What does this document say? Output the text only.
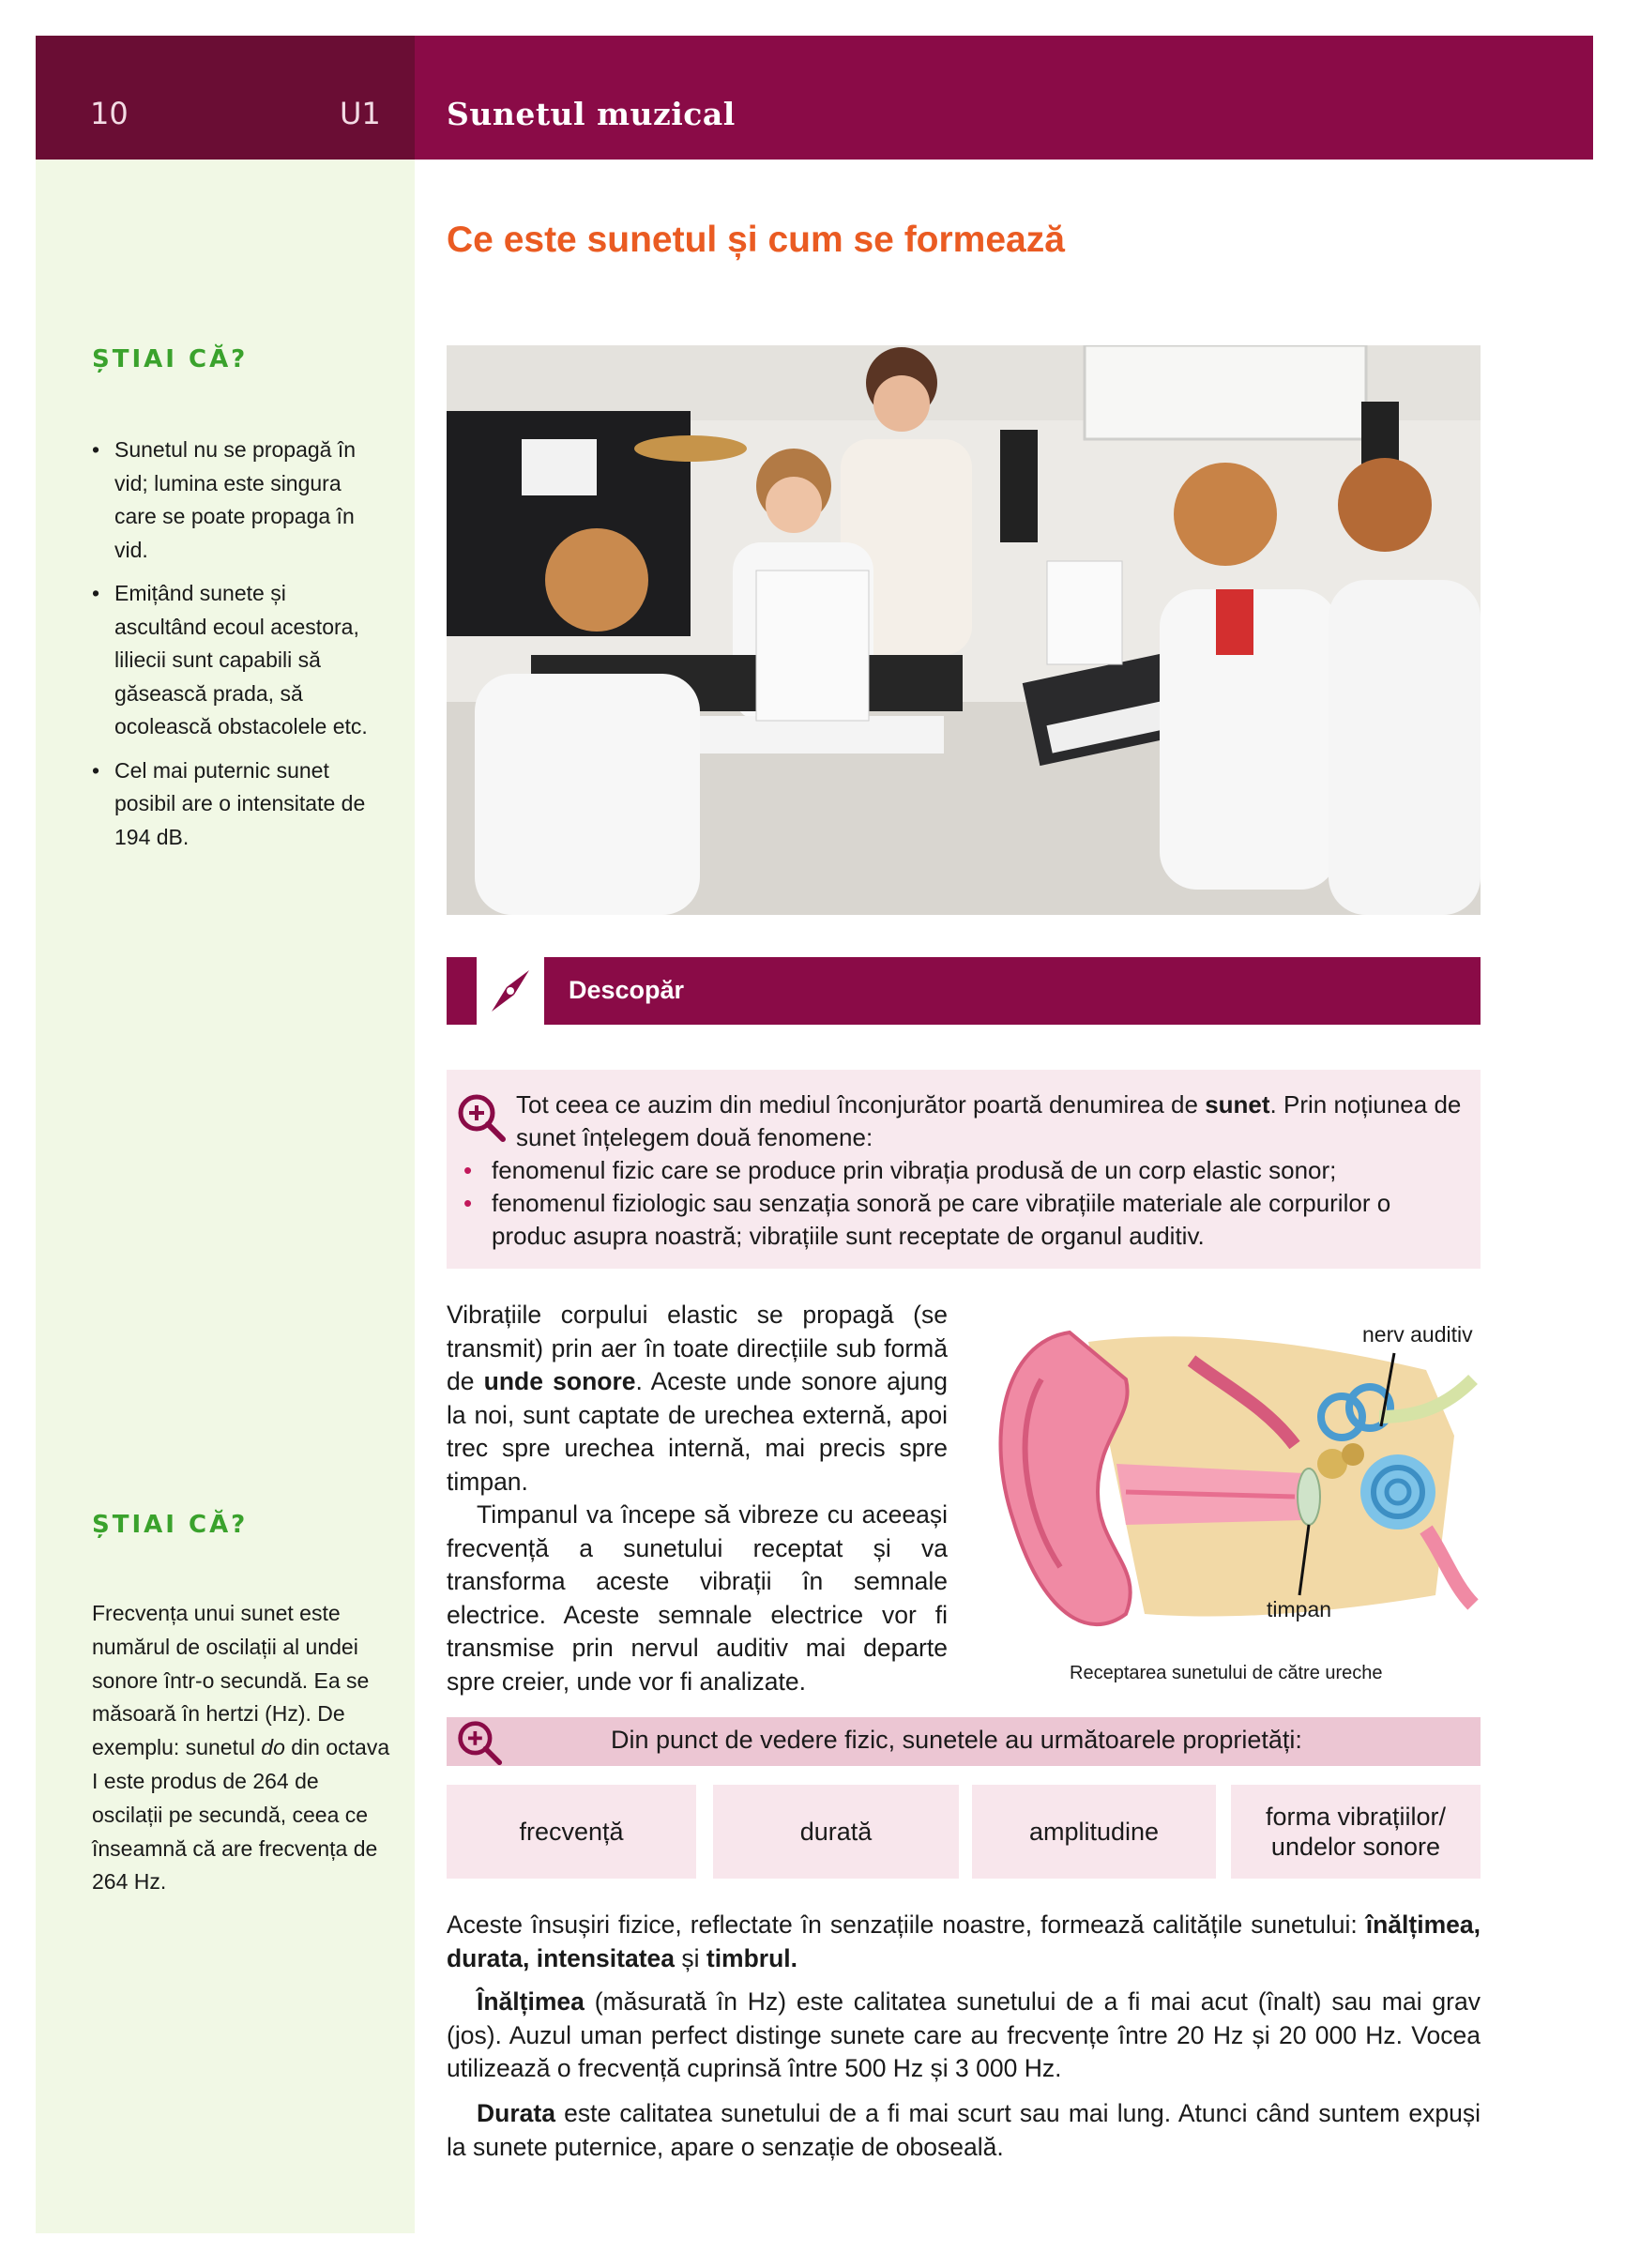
10	U1 Sunetul muzical
ȘTIAI CĂ?
• Sunetul nu se propagă în vid; lumina este singura care se poate propaga în vid.
• Emițând sunete și ascultând ecoul acestora, liliecii sunt capabili să găsească prada, să ocolească obstacolele etc.
• Cel mai puternic sunet posibil are o intensitate de 194 dB.
ȘTIAI CĂ?
Frecvența unui sunet este numărul de oscilații al undei sonore într-o secundă. Ea se măsoară în hertzi (Hz). De exemplu: sunetul do din octava I este produs de 264 de oscilații pe secundă, ceea ce înseamnă că are frecvența de 264 Hz.
Ce este sunetul și cum se formează
Descopăr
Tot ceea ce auzim din mediul înconjurător poartă denumirea de sunet. Prin noțiunea de sunet înțelegem două fenomene:
• fenomenul fizic care se produce prin vibrația produsă de un corp elastic sonor;
• fenomenul fiziologic sau senzația sonoră pe care vibrațiile materiale ale corpurilor o produc asupra noastră; vibrațiile sunt receptate de organul auditiv.

Vibrațiile corpului elastic se propagă (se transmit) prin aer în toate direcțiile sub formă de unde sonore. Aceste unde sonore ajung la noi, sunt captate de urechea externă, apoi trec spre urechea internă, mai precis spre timpan.

Timpanul va începe să vibreze cu aceeași frecvență a sunetului receptat și va transforma aceste vibrații în semnale electrice. Aceste semnale electrice vor fi transmise prin nervul auditiv mai departe spre creier, unde vor fi analizate.

nerv auditiv
timpan
Receptarea sunetului de către ureche
Din punct de vedere fizic, sunetele au următoarele proprietăți:
frecvență	durată	amplitudine
forma vibrațiilor/
undelor sonore
Aceste însușiri fizice, reflectate în senzațiile noastre, formează calitățile sunetului: înălțimea, durata, intensitatea și timbrul.
Înălțimea (măsurată în Hz) este calitatea sunetului de a fi mai acut (înalt) sau mai grav (jos). Auzul uman perfect distinge sunete care au frecvențe între 20 Hz și 20 000 Hz. Vocea utilizează o frecvență cuprinsă între 500 Hz și 3 000 Hz.
Durata este calitatea sunetului de a fi mai scurt sau mai lung. Atunci când suntem expuși la sunete puternice, apare o senzație de oboseală.
